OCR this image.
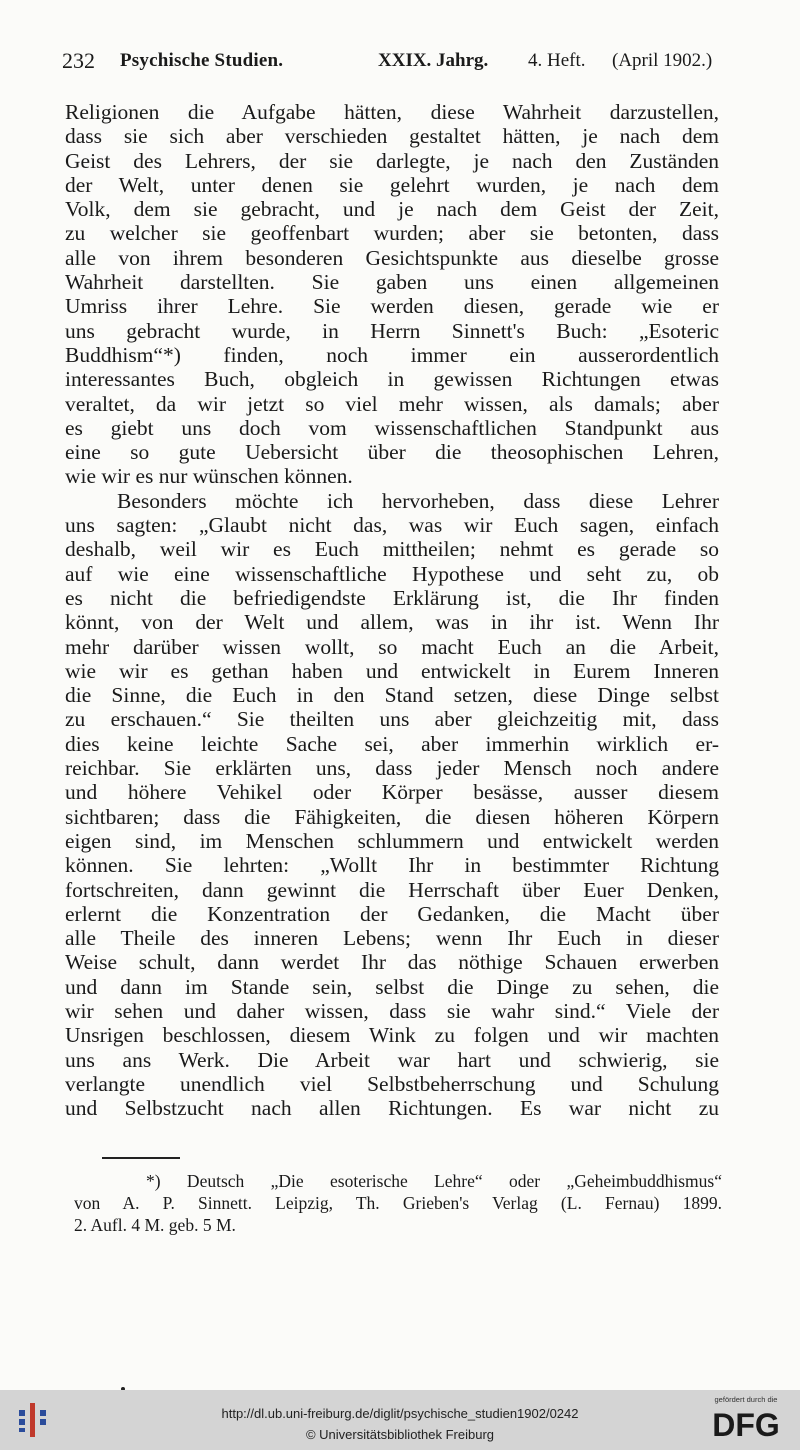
232 Psychische Studien.	XXIX. Jahrg. 4. Heft. (April 1902.)
Religionen die Aufgabe hätten, diese Wahrheit darzustellen,
dass sie sich aber verschieden gestaltet hätten, je nach dem
Geist des Lehrers, der sie darlegte, je nach den Zuständen
der Welt, unter denen sie gelehrt wurden, je nach dem
Volk, dem sie gebracht, und je nach dem Geist der Zeit,
zu welcher sie geoffenbart wurden; aber sie betonten, dass
alle von ihrem besonderen Gesichtspunkte aus dieselbe grosse
Wahrheit darstellten. Sie gaben uns einen allgemeinen
Umriss ihrer Lehre. Sie werden diesen, gerade wie er
uns gebracht wurde, in Herrn Sinnett's Buch: „Esoteric
Buddhism“*) finden, noch immer ein ausserordentlich
interessantes Buch, obgleich in gewissen Richtungen etwas
veraltet, da wir jetzt so viel mehr wissen, als damals; aber
es giebt uns doch vom wissenschaftlichen Standpunkt aus
eine so gute Uebersicht über die theosophischen Lehren,
wie wir es nur wünschen können.
Besonders möchte ich hervorheben, dass diese Lehrer
uns sagten: „Glaubt nicht das, was wir Euch sagen, einfach
deshalb, weil wir es Euch mittheilen; nehmt es gerade so
auf wie eine wissenschaftliche Hypothese und seht zu, ob
es nicht die befriedigendste Erklärung ist, die Ihr finden
könnt, von der Welt und allem, was in ihr ist. Wenn Ihr
mehr darüber wissen wollt, so macht Euch an die Arbeit,
wie wir es gethan haben und entwickelt in Eurem Inneren
die Sinne, die Euch in den Stand setzen, diese Dinge selbst
zu erschauen.“ Sie theilten uns aber gleichzeitig mit, dass
dies keine leichte Sache sei, aber immerhin wirklich er-
reichbar. Sie erklärten uns, dass jeder Mensch noch andere
und höhere Vehikel oder Körper besässe, ausser diesem
sichtbaren; dass die Fähigkeiten, die diesen höheren Körpern
eigen sind, im Menschen schlummern und entwickelt werden
können. Sie lehrten: „Wollt Ihr in bestimmter Richtung
fortschreiten, dann gewinnt die Herrschaft über Euer Denken,
erlernt die Konzentration der Gedanken, die Macht über
alle Theile des inneren Lebens; wenn Ihr Euch in dieser
Weise schult, dann werdet Ihr das nöthige Schauen erwerben
und dann im Stande sein, selbst die Dinge zu sehen, die
wir sehen und daher wissen, dass sie wahr sind.“ Viele der
Unsrigen beschlossen, diesem Wink zu folgen und wir machten
uns ans Werk. Die Arbeit war hart und schwierig, sie
verlangte unendlich viel Selbstbeherrschung und Schulung
und Selbstzucht nach allen Richtungen. Es war nicht zu
*) Deutsch „Die esoterische Lehre“ oder „Geheimbuddhismus“
von A. P. Sinnett. Leipzig, Th. Grieben's Verlag (L. Fernau) 1899.
2. Aufl. 4 M. geb. 5 M.
http://dl.ub.uni-freiburg.de/diglit/psychische_studien1902/0242
© Universitätsbibliothek Freiburg
gefördert durch die
DFG
